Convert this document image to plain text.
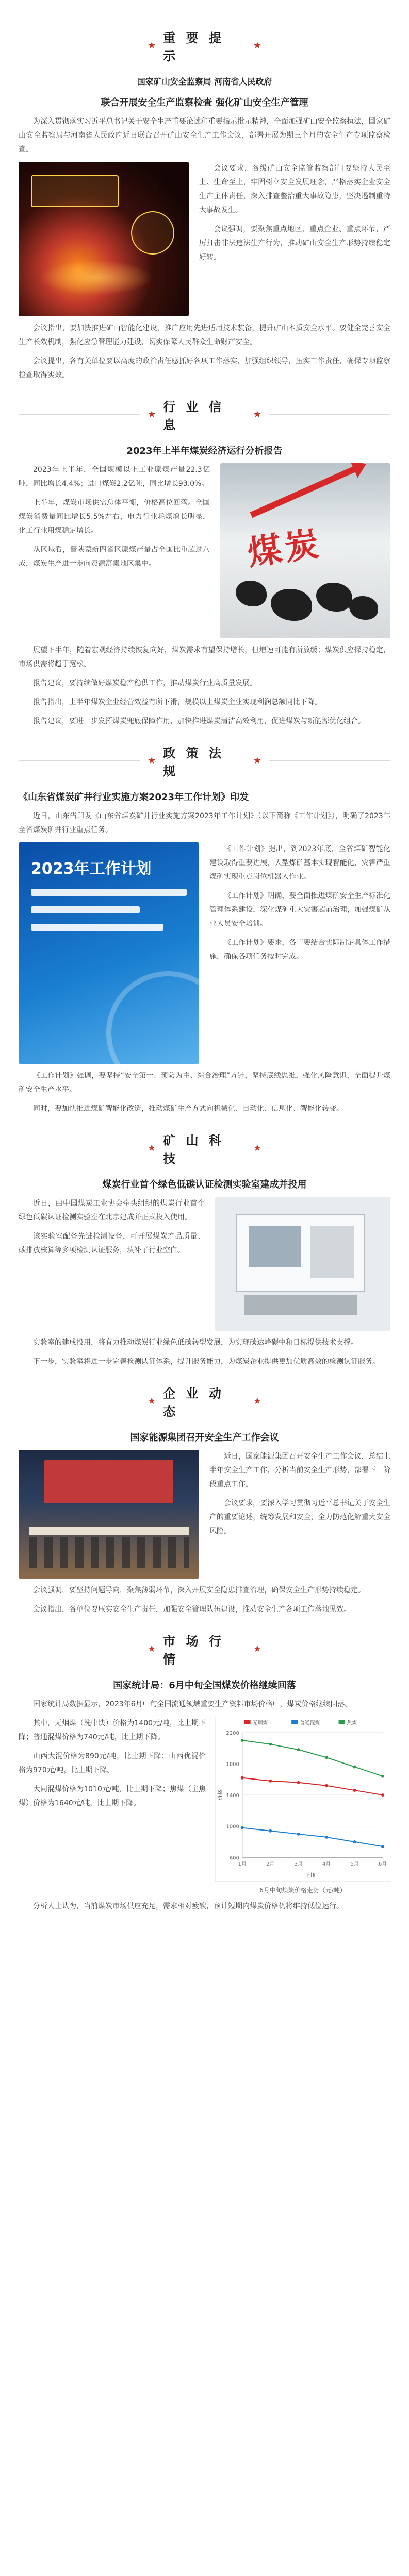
★
重 要 提 示
★
国家矿山安全监察局 河南省人民政府
联合开展安全生产监察检查 强化矿山安全生产管理

为深入贯彻落实习近平总书记关于安全生产重要论述和重要指示批示精神，全面加强矿山安全监察执法，国家矿山安全监察局与河南省人民政府近日联合召开矿山安全生产工作会议，部署开展为期三个月的安全生产专项监察检查。

会议要求，各级矿山安全监管监察部门要坚持人民至上、生命至上，牢固树立安全发展理念，严格落实企业安全生产主体责任，深入排查整治重大事故隐患，坚决遏制重特大事故发生。

会议强调，要聚焦重点地区、重点企业、重点环节，严厉打击非法违法生产行为，推动矿山安全生产形势持续稳定好转。

会议指出，要加快推进矿山智能化建设，推广应用先进适用技术装备，提升矿山本质安全水平。要健全完善安全生产长效机制，强化应急管理能力建设，切实保障人民群众生命财产安全。

会议提出，各有关单位要以高度的政治责任感抓好各项工作落实，加强组织领导，压实工作责任，确保专项监察检查取得实效。

★
行 业 信 息
★
2023年上半年煤炭经济运行分析报告

2023年上半年，全国规模以上工业原煤产量22.3亿吨，同比增长4.4%；进口煤炭2.2亿吨，同比增长93.0%。

上半年，煤炭市场供需总体平衡，价格高位回落。全国煤炭消费量同比增长5.5%左右，电力行业耗煤增长明显，化工行业用煤稳定增长。

从区域看，晋陕蒙新四省区原煤产量占全国比重超过八成，煤炭生产进一步向资源富集地区集中。	煤炭

展望下半年，随着宏观经济持续恢复向好，煤炭需求有望保持增长，但增速可能有所放缓；煤炭供应保持稳定，市场供需将趋于宽松。

报告建议，要持续做好煤炭稳产稳供工作，推动煤炭行业高质量发展。

报告指出，上半年煤炭企业经营效益有所下滑，规模以上煤炭企业实现利润总额同比下降。

报告建议，要进一步发挥煤炭兜底保障作用，加快推进煤炭清洁高效利用，促进煤炭与新能源优化组合。

★
政 策 法 规
★
《山东省煤炭矿井行业实施方案2023年工作计划》印发

近日，山东省印发《山东省煤炭矿井行业实施方案2023年工作计划》（以下简称《工作计划》），明确了2023年全省煤炭矿井行业重点任务。

2023年工作计划

《工作计划》提出，到2023年底，全省煤矿智能化建设取得重要进展，大型煤矿基本实现智能化，灾害严重煤矿实现重点岗位机器人作业。

《工作计划》明确，要全面推进煤矿安全生产标准化管理体系建设，深化煤矿重大灾害超前治理，加强煤矿从业人员安全培训。

《工作计划》要求，各市要结合实际制定具体工作措施，确保各项任务按时完成。

《工作计划》强调，要坚持“安全第一、预防为主、综合治理”方针，坚持底线思维，强化风险意识，全面提升煤矿安全生产水平。

同时，要加快推进煤矿智能化改造，推动煤矿生产方式向机械化、自动化、信息化、智能化转变。

★
矿 山 科 技
★
煤炭行业首个绿色低碳认证检测实验室建成并投用

近日，由中国煤炭工业协会牵头组织的煤炭行业首个绿色低碳认证检测实验室在北京建成并正式投入使用。

该实验室配备先进检测设备，可开展煤炭产品质量、碳排放核算等多项检测认证服务，填补了行业空白。

实验室的建成投用，将有力推动煤炭行业绿色低碳转型发展，为实现碳达峰碳中和目标提供技术支撑。

下一步，实验室将进一步完善检测认证体系，提升服务能力，为煤炭企业提供更加优质高效的检测认证服务。

★
企 业 动 态
★
国家能源集团召开安全生产工作会议

近日，国家能源集团召开安全生产工作会议，总结上半年安全生产工作，分析当前安全生产形势，部署下一阶段重点工作。

会议要求，要深入学习贯彻习近平总书记关于安全生产的重要论述，统筹发展和安全，全力防范化解重大安全风险。

会议强调，要坚持问题导向，聚焦薄弱环节，深入开展安全隐患排查治理，确保安全生产形势持续稳定。

会议指出，各单位要压实安全生产责任，加强安全管理队伍建设，推动安全生产各项工作落地见效。

★
市 场 行 情
★
国家统计局：6月中旬全国煤炭价格继续回落

国家统计局数据显示，2023年6月中旬全国流通领域重要生产资料市场价格中，煤炭价格继续回落。

其中，无烟煤（洗中块）价格为1400元/吨，比上期下降；普通混煤价格为740元/吨，比上期下降。

山西大混价格为890元/吨，比上期下降；山西优混价格为970元/吨，比上期下降。

大同混煤价格为1010元/吨，比上期下降；焦煤（主焦煤）价格为1640元/吨，比上期下降。

600
1000
1400
1800
2200
1月	2月	3月	4月	5月	6月
无烟煤	普通混煤	焦煤
时间
价格
6月中旬煤炭价格走势（元/吨）

分析人士认为，当前煤炭市场供应充足，需求相对疲软，预计短期内煤炭价格仍将维持低位运行。
